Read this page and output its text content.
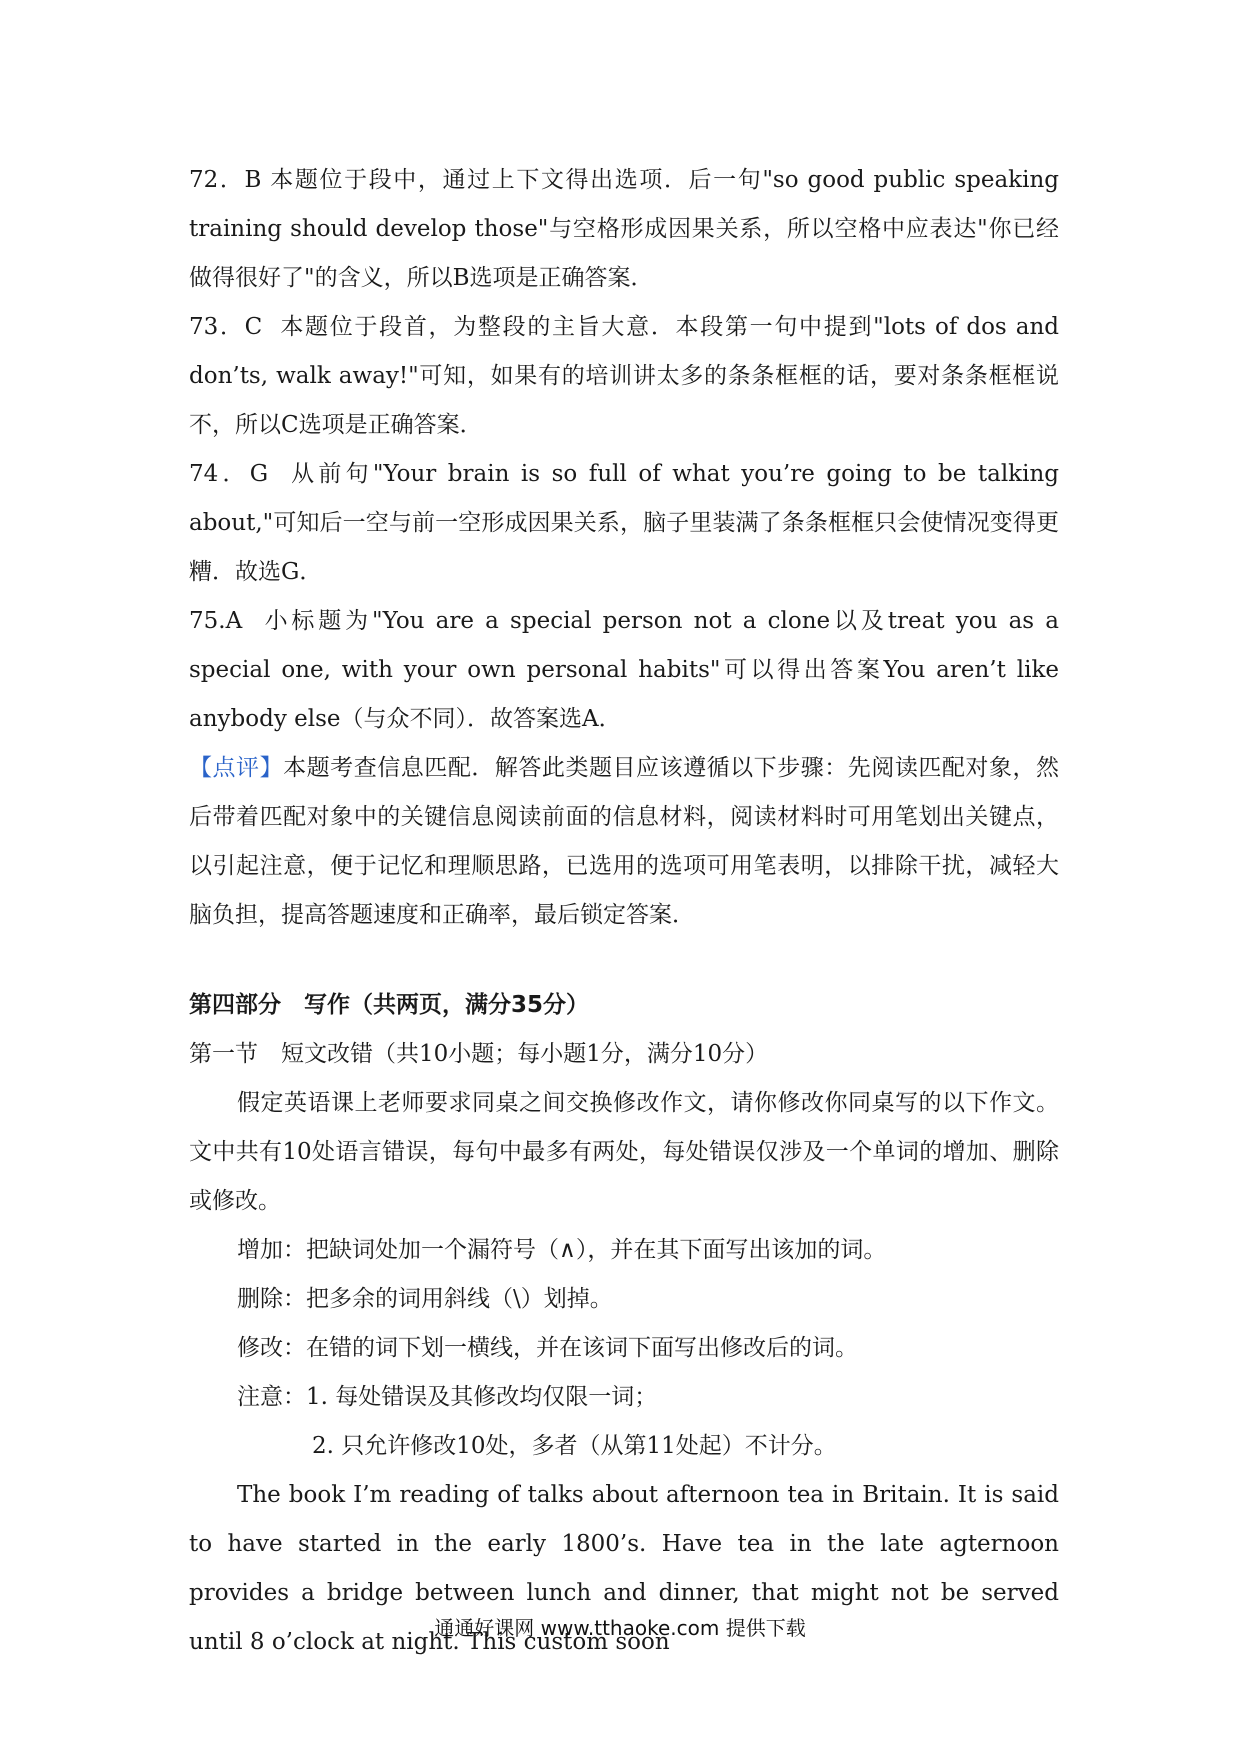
72．B 本题位于段中，通过上下文得出选项．后一句"so good public speaking training should develop those"与空格形成因果关系，所以空格中应表达"你已经做得很好了"的含义，所以B选项是正确答案．

73．C 本题位于段首，为整段的主旨大意．本段第一句中提到"lots of dos and don’ts, walk away!"可知，如果有的培训讲太多的条条框框的话，要对条条框框说不，所以C选项是正确答案．

74．G 从前句"Your brain is so full of what you’re going to be talking about,"可知后一空与前一空形成因果关系，脑子里装满了条条框框只会使情况变得更糟．故选G．

75.A 小标题为"You are a special person not a clone以及treat you as a special one, with your own personal habits"可以得出答案You aren’t like anybody else（与众不同）．故答案选A．

【点评】本题考查信息匹配．解答此类题目应该遵循以下步骤：先阅读匹配对象，然后带着匹配对象中的关键信息阅读前面的信息材料，阅读材料时可用笔划出关键点，以引起注意，便于记忆和理顺思路，已选用的选项可用笔表明，以排除干扰，减轻大脑负担，提高答题速度和正确率，最后锁定答案．

第四部分　写作（共两页，满分35分）

第一节　短文改错（共10小题；每小题1分，满分10分）

假定英语课上老师要求同桌之间交换修改作文，请你修改你同桌写的以下作文。文中共有10处语言错误，每句中最多有两处，每处错误仅涉及一个单词的增加、删除或修改。

增加：把缺词处加一个漏符号（∧），并在其下面写出该加的词。

删除：把多余的词用斜线（\）划掉。

修改：在错的词下划一横线，并在该词下面写出修改后的词。

注意：1. 每处错误及其修改均仅限一词；

2. 只允许修改10处，多者（从第11处起）不计分。

The book I’m reading of talks about afternoon tea in Britain. It is said to have started in the early 1800’s. Have tea in the late agternoon provides a bridge between lunch and dinner, that might not be served until 8 o’clock at night. This custom soon

通通好课网 www.tthaoke.com 提供下载
